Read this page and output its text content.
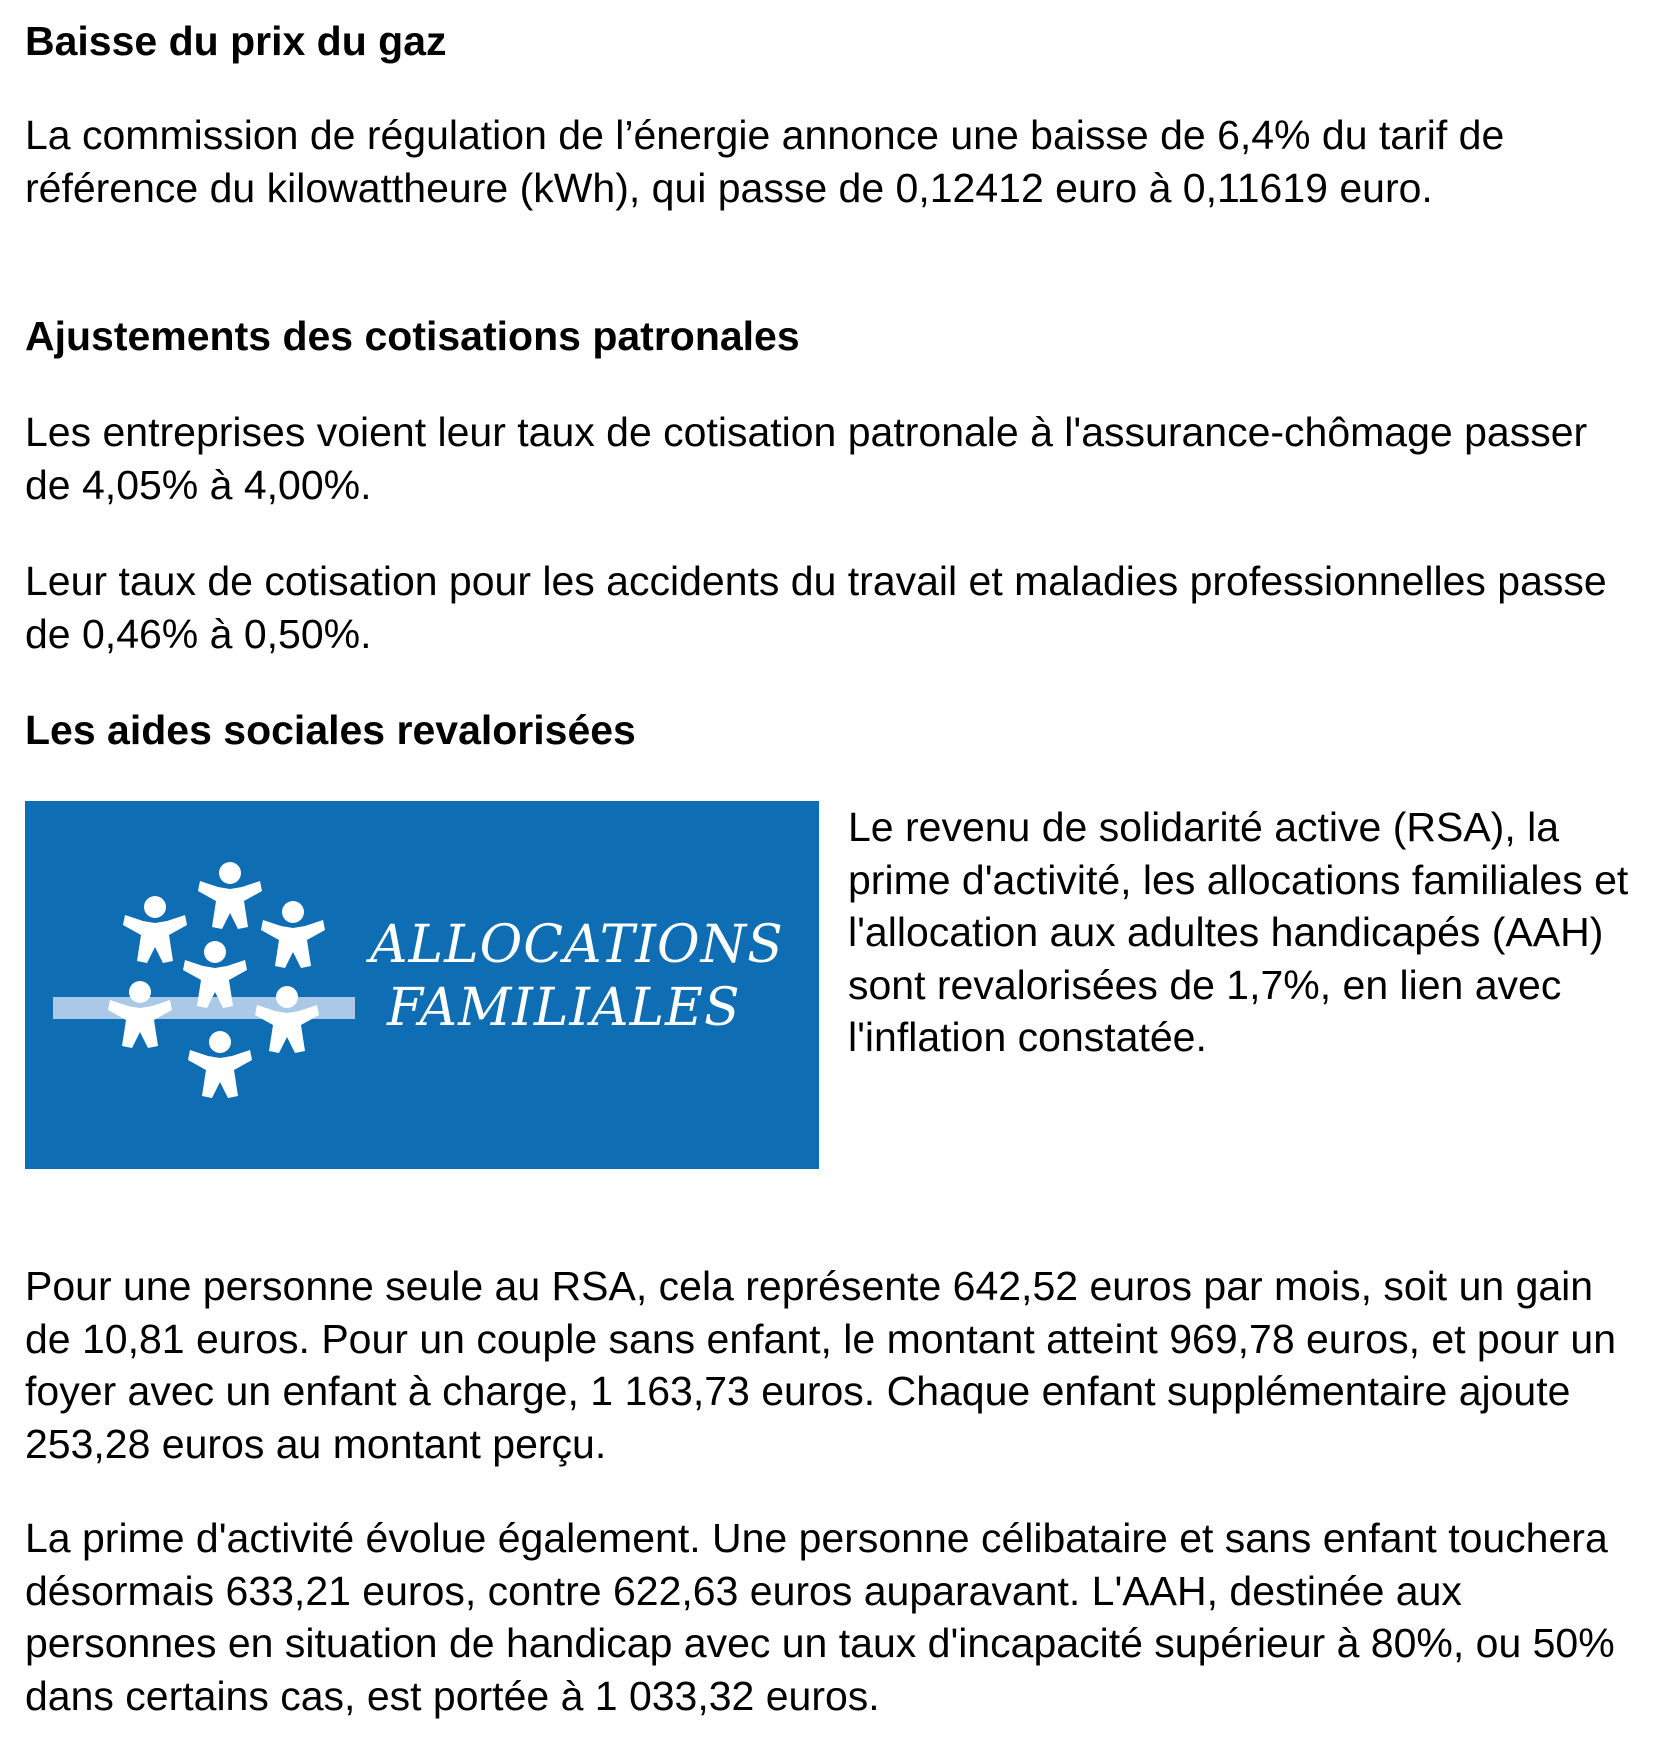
Baisse du prix du gaz

La commission de régulation de l’énergie annonce une baisse de 6,4% du tarif de référence du kilowattheure (kWh), qui passe de 0,12412 euro à 0,11619 euro.

Ajustements des cotisations patronales

Les entreprises voient leur taux de cotisation patronale à l'assurance-chômage passer de 4,05% à 4,00%.

Leur taux de cotisation pour les accidents du travail et maladies professionnelles passe de 0,46% à 0,50%.

Les aides sociales revalorisées
ALLOCATIONS
FAMILIALES

Le revenu de solidarité active (RSA), la prime d'activité, les allocations familiales et l'allocation aux adultes handicapés (AAH) sont revalorisées de 1,7%, en lien avec l'inflation constatée.

Pour une personne seule au RSA, cela représente 642,52 euros par mois, soit un gain de 10,81 euros. Pour un couple sans enfant, le montant atteint 969,78 euros, et pour un foyer avec un enfant à charge, 1 163,73 euros. Chaque enfant supplémentaire ajoute 253,28 euros au montant perçu.

La prime d'activité évolue également. Une personne célibataire et sans enfant touchera désormais 633,21 euros, contre 622,63 euros auparavant. L'AAH, destinée aux personnes en situation de handicap avec un taux d'incapacité supérieur à 80%, ou 50% dans certains cas, est portée à 1 033,32 euros.
